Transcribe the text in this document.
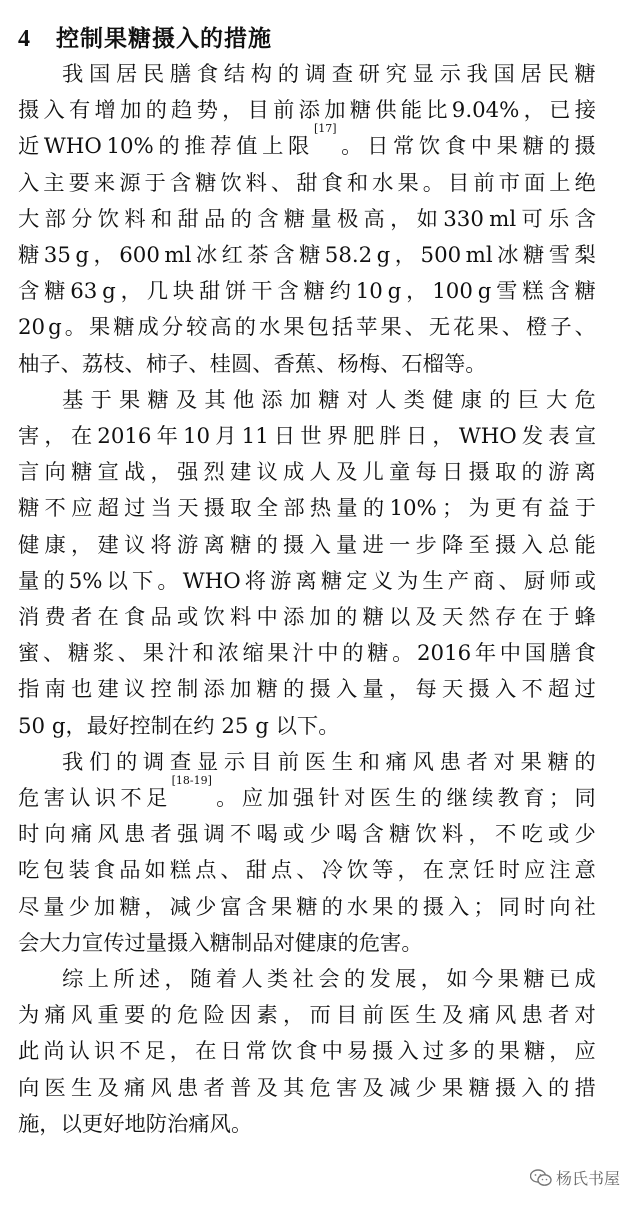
4	控制果糖摄入的措施
我 国 居 民 膳 食 结 构 的 调 查 研 究 显 示 我 国 居 民 糖
摄 入 有 增 加 的 趋 势 ， 目 前 添 加 糖 供 能 比 9.04% ， 已 接
近 WHO 10% 的 推 荐 值 上 限
[17]
。 日 常 饮 食 中 果 糖 的 摄
入 主 要 来 源 于 含 糖 饮 料 、 甜 食 和 水 果 。 目 前 市 面 上 绝
大 部 分 饮 料 和 甜 品 的 含 糖 量 极 高 ， 如 330 ml 可 乐 含
糖 35 g ， 600 ml 冰 红 茶 含 糖 58.2 g ， 500 ml 冰 糖 雪 梨
含 糖 63 g ， 几 块 甜 饼 干 含 糖 约 10 g ， 100 g 雪 糕 含 糖
20 g 。 果 糖 成 分 较 高 的 水 果 包 括 苹 果 、 无 花 果 、 橙 子 、
柚子、荔枝、柿子、桂圆、香蕉、杨梅、石榴等。
基 于 果 糖 及 其 他 添 加 糖 对 人 类 健 康 的 巨 大 危
害 ， 在 2016 年 10 月 11 日 世 界 肥 胖 日 ， WHO 发 表 宣
言 向 糖 宣 战 ， 强 烈 建 议 成 人 及 儿 童 每 日 摄 取 的 游 离
糖 不 应 超 过 当 天 摄 取 全 部 热 量 的 10% ； 为 更 有 益 于
健 康 ， 建 议 将 游 离 糖 的 摄 入 量 进 一 步 降 至 摄 入 总 能
量 的 5% 以 下 。 WHO 将 游 离 糖 定 义 为 生 产 商 、 厨 师 或
消 费 者 在 食 品 或 饮 料 中 添 加 的 糖 以 及 天 然 存 在 于 蜂
蜜 、 糖 浆 、 果 汁 和 浓 缩 果 汁 中 的 糖 。 2016 年 中 国 膳 食
指 南 也 建 议 控 制 添 加 糖 的 摄 入 量 ， 每 天 摄 入 不 超 过
50 g，最好控制在约 25 g 以下。
我 们 的 调 查 显 示 目 前 医 生 和 痛 风 患 者 对 果 糖 的
危 害 认 识 不 足
[18-19]
。 应 加 强 针 对 医 生 的 继 续 教 育 ； 同
时 向 痛 风 患 者 强 调 不 喝 或 少 喝 含 糖 饮 料 ， 不 吃 或 少
吃 包 装 食 品 如 糕 点 、 甜 点 、 冷 饮 等 ， 在 烹 饪 时 应 注 意
尽 量 少 加 糖 ， 减 少 富 含 果 糖 的 水 果 的 摄 入 ； 同 时 向 社
会大力宣传过量摄入糖制品对健康的危害。
综 上 所 述 ， 随 着 人 类 社 会 的 发 展 ， 如 今 果 糖 已 成
为 痛 风 重 要 的 危 险 因 素 ， 而 目 前 医 生 及 痛 风 患 者 对
此 尚 认 识 不 足 ， 在 日 常 饮 食 中 易 摄 入 过 多 的 果 糖 ， 应
向 医 生 及 痛 风 患 者 普 及 其 危 害 及 减 少 果 糖 摄 入 的 措
施，以更好地防治痛风。
杨氏书屋
